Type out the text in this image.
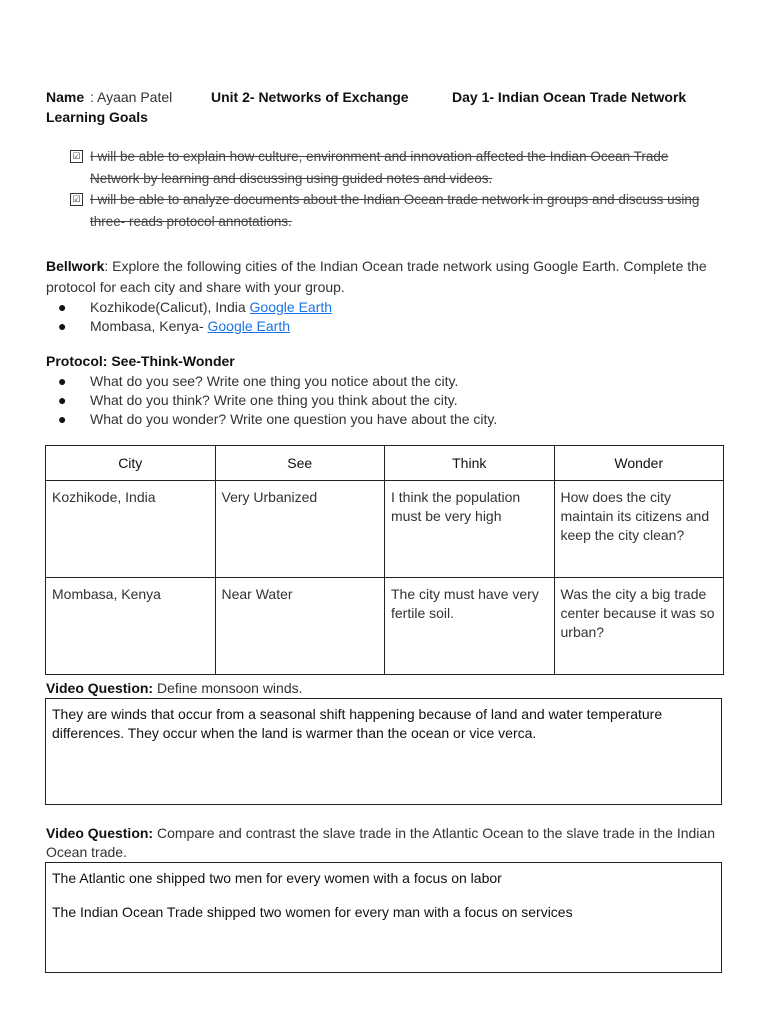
Name : Ayaan Patel	Unit 2- Networks of Exchange	Day 1- Indian Ocean Trade Network
Learning Goals
☑ I will be able to explain how culture, environment and innovation affected the Indian Ocean Trade Network by learning and discussing using guided notes and videos.
☑ I will be able to analyze documents about the Indian Ocean trade network in groups and discuss using three- reads protocol annotations.
Bellwork: Explore the following cities of the Indian Ocean trade network using Google Earth. Complete the protocol for each city and share with your group.
● Kozhikode(Calicut), India Google Earth
● Mombasa, Kenya- Google Earth
Protocol: See-Think-Wonder
● What do you see? Write one thing you notice about the city.
● What do you think? Write one thing you think about the city.
● What do you wonder? Write one question you have about the city.
City	See	Think	Wonder
Kozhikode, India	Very Urbanized	I think the population must be very high	How does the city maintain its citizens and keep the city clean?
Mombasa, Kenya	Near Water	The city must have very fertile soil.	Was the city a big trade center because it was so urban?
Video Question: Define monsoon winds.
They are winds that occur from a seasonal shift happening because of land and water temperature differences. They occur when the land is warmer than the ocean or vice verca.
Video Question: Compare and contrast the slave trade in the Atlantic Ocean to the slave trade in the Indian Ocean trade.

The Atlantic one shipped two men for every women with a focus on labor

The Indian Ocean Trade shipped two women for every man with a focus on services
